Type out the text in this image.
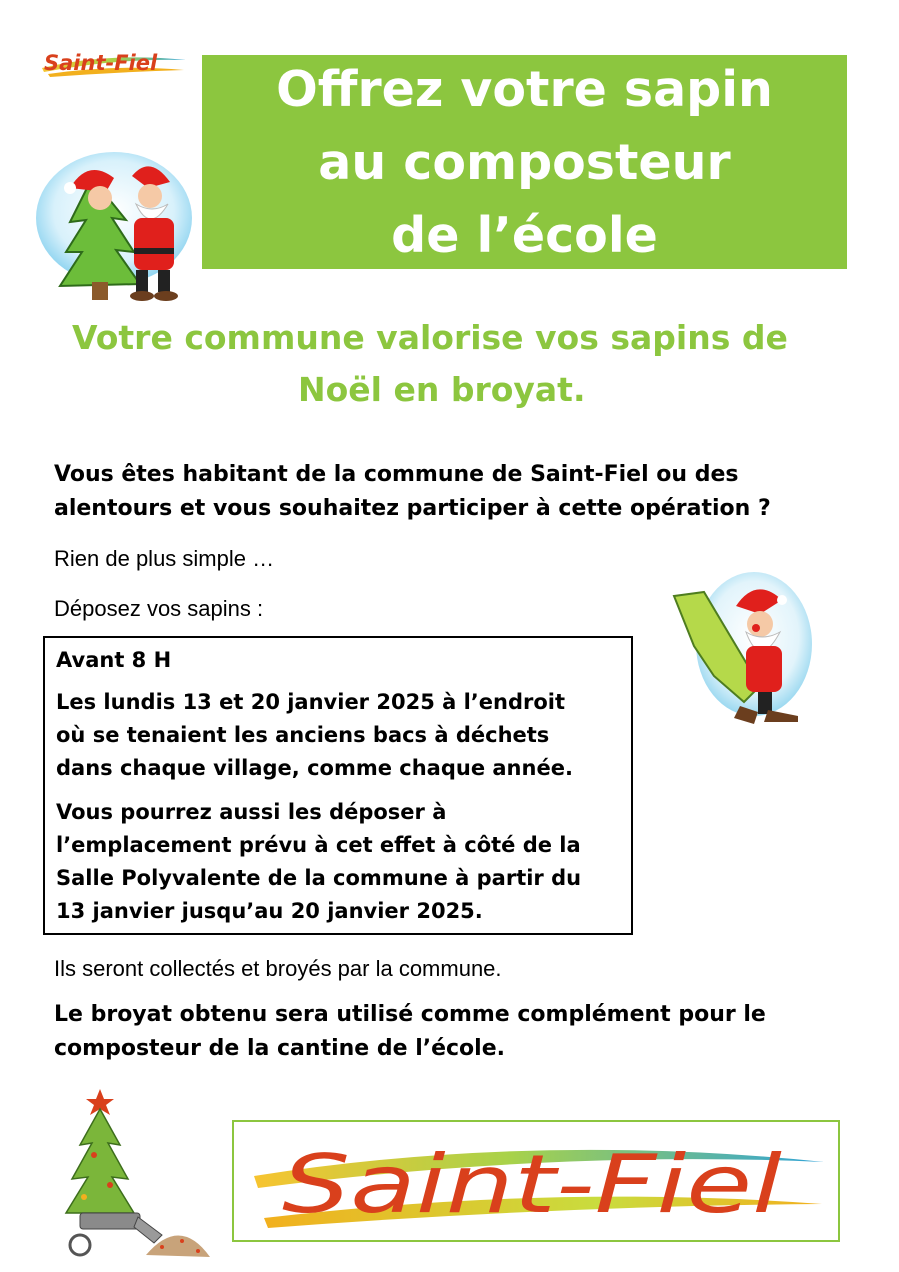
Saint-Fiel Offrez votre sapin
au composteur
de l’école
Votre commune valorise vos sapins de
Noël en broyat.
Vous êtes habitant de la commune de Saint-Fiel ou des
alentours et vous souhaitez participer à cette opération ?
Rien de plus simple …
Déposez vos sapins :
Avant 8 H
Les lundis 13 et 20 janvier 2025 à l’endroit
où se tenaient les anciens bacs à déchets
dans chaque village, comme chaque année.
Vous pourrez aussi les déposer à
l’emplacement prévu à cet effet à côté de la
Salle Polyvalente de la commune à partir du
13 janvier jusqu’au 20 janvier 2025.
Ils seront collectés et broyés par la commune.
Le broyat obtenu sera utilisé comme complément pour le
composteur de la cantine de l’école.
Saint-Fiel
